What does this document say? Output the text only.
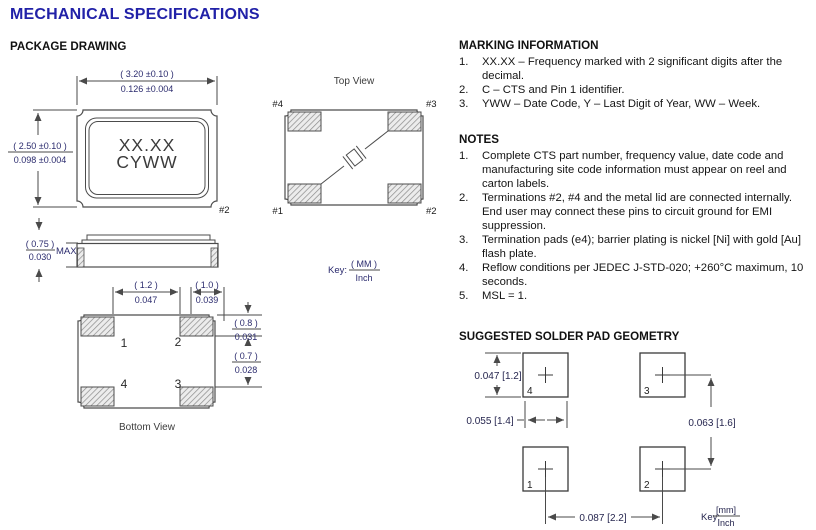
MECHANICAL SPECIFICATIONS
PACKAGE DRAWING
( 3.20 ±0.10 )
0.126 ±0.004
( 2.50 ±0.10 )
0.098 ±0.004
XX.XX
CYWW
#2
( 0.75 )
0.030 MAX
Top View
#4	#3
#1	#2
Key:
( MM )
Inch
( 1.2 )
0.047
( 1.0 )
0.039
1	2
4	3
( 0.8 )
0.031
( 0.7 )
0.028
Bottom View
MARKING INFORMATION
1.	XX.XX – Frequency marked with 2 significant digits after the decimal.
2.	C – CTS and Pin 1 identifier.
3.	YWW – Date Code, Y – Last Digit of Year, WW – Week.
NOTES
1.	Complete CTS part number, frequency value, date code and manufacturing site code information must appear on reel and carton labels.
2.	Terminations #2, #4 and the metal lid are connected internally.  End user may connect these pins to circuit ground for EMI suppression.
3.	Termination pads (e4); barrier plating is nickel [Ni] with gold [Au] flash plate.
4.	Reflow conditions per JEDEC J-STD-020; +260°C maximum, 10 seconds.
5.	MSL = 1.
SUGGESTED SOLDER PAD GEOMETRY
4	3
1	2
0.047 [1.2]
0.055 [1.4]	0.063 [1.6]
0.087 [2.2]	Key:
[mm]
Inch
